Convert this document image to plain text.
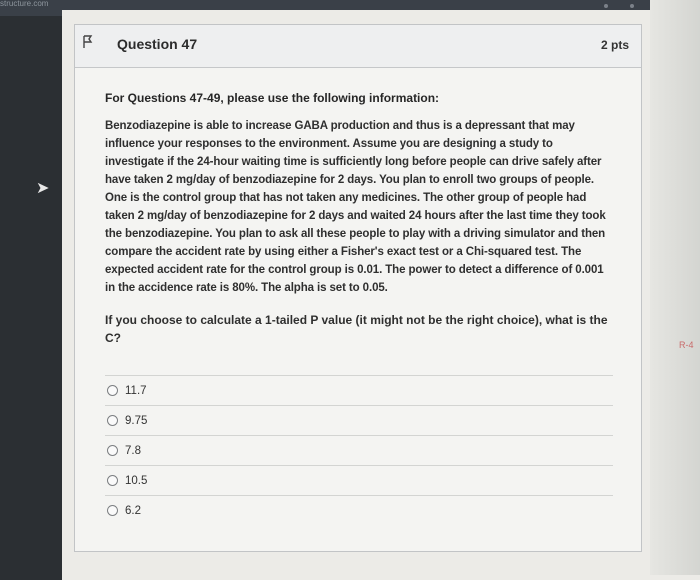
structure.com
R-4
➤
Question 47	2 pts

For Questions 47-49, please use the following information:

Benzodiazepine is able to increase GABA production and thus is a depressant that may influence your responses to the environment. Assume you are designing a study to investigate if the 24-hour waiting time is sufficiently long before people can drive safely after have taken 2 mg/day of benzodiazepine for 2 days. You plan to enroll two groups of people. One is the control group that has not taken any medicines. The other group of people had taken 2 mg/day of benzodiazepine for 2 days and waited 24 hours after the last time they took the benzodiazepine. You plan to ask all these people to play with a driving simulator and then compare the accident rate by using either a Fisher's exact test or a Chi-squared test. The expected accident rate for the control group is 0.01. The power to detect a difference of 0.001 in the accidence rate is 80%. The alpha is set to 0.05.

If you choose to calculate a 1-tailed P value (it might not be the right choice), what is the C?

11.7
9.75
7.8
10.5
6.2
